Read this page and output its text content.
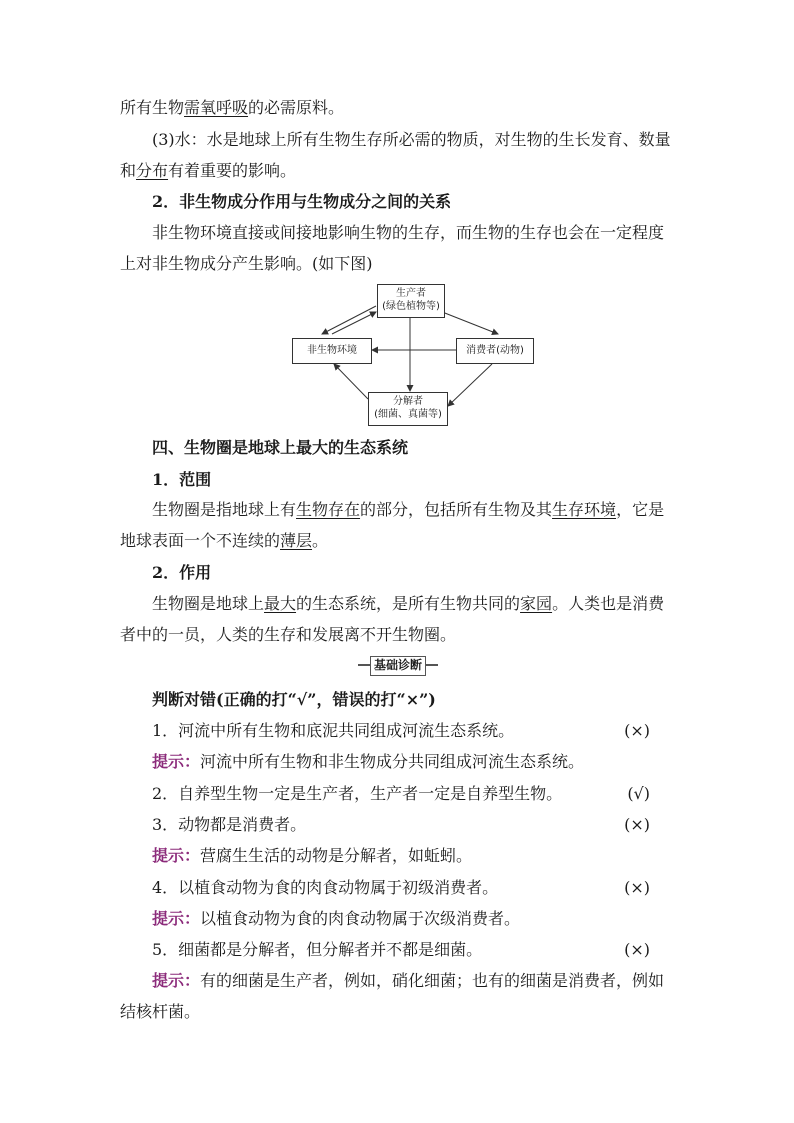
所有生物需氧呼吸的必需原料。
(3)水：水是地球上所有生物生存所必需的物质，对生物的生长发育、数量
和分布有着重要的影响。
2．非生物成分作用与生物成分之间的关系
非生物环境直接或间接地影响生物的生存，而生物的生存也会在一定程度
上对非生物成分产生影响。(如下图)
生产者
(绿色植物等)
非生物环境	消费者(动物)
分解者
(细菌、真菌等)
四、生物圈是地球上最大的生态系统
1．范围
生物圈是指地球上有生物存在的部分，包括所有生物及其生存环境，它是
地球表面一个不连续的薄层。
2．作用
生物圈是地球上最大的生态系统，是所有生物共同的家园。人类也是消费
者中的一员，人类的生存和发展离不开生物圈。
基础诊断
判断对错(正确的打“√”，错误的打“×”)
1．河流中所有生物和底泥共同组成河流生态系统。	(×)
提示：河流中所有生物和非生物成分共同组成河流生态系统。
2．自养型生物一定是生产者，生产者一定是自养型生物。	(√)
3．动物都是消费者。	(×)
提示：营腐生生活的动物是分解者，如蚯蚓。
4．以植食动物为食的肉食动物属于初级消费者。	(×)
提示：以植食动物为食的肉食动物属于次级消费者。
5．细菌都是分解者，但分解者并不都是细菌。	(×)
提示：有的细菌是生产者，例如，硝化细菌；也有的细菌是消费者，例如
结核杆菌。
